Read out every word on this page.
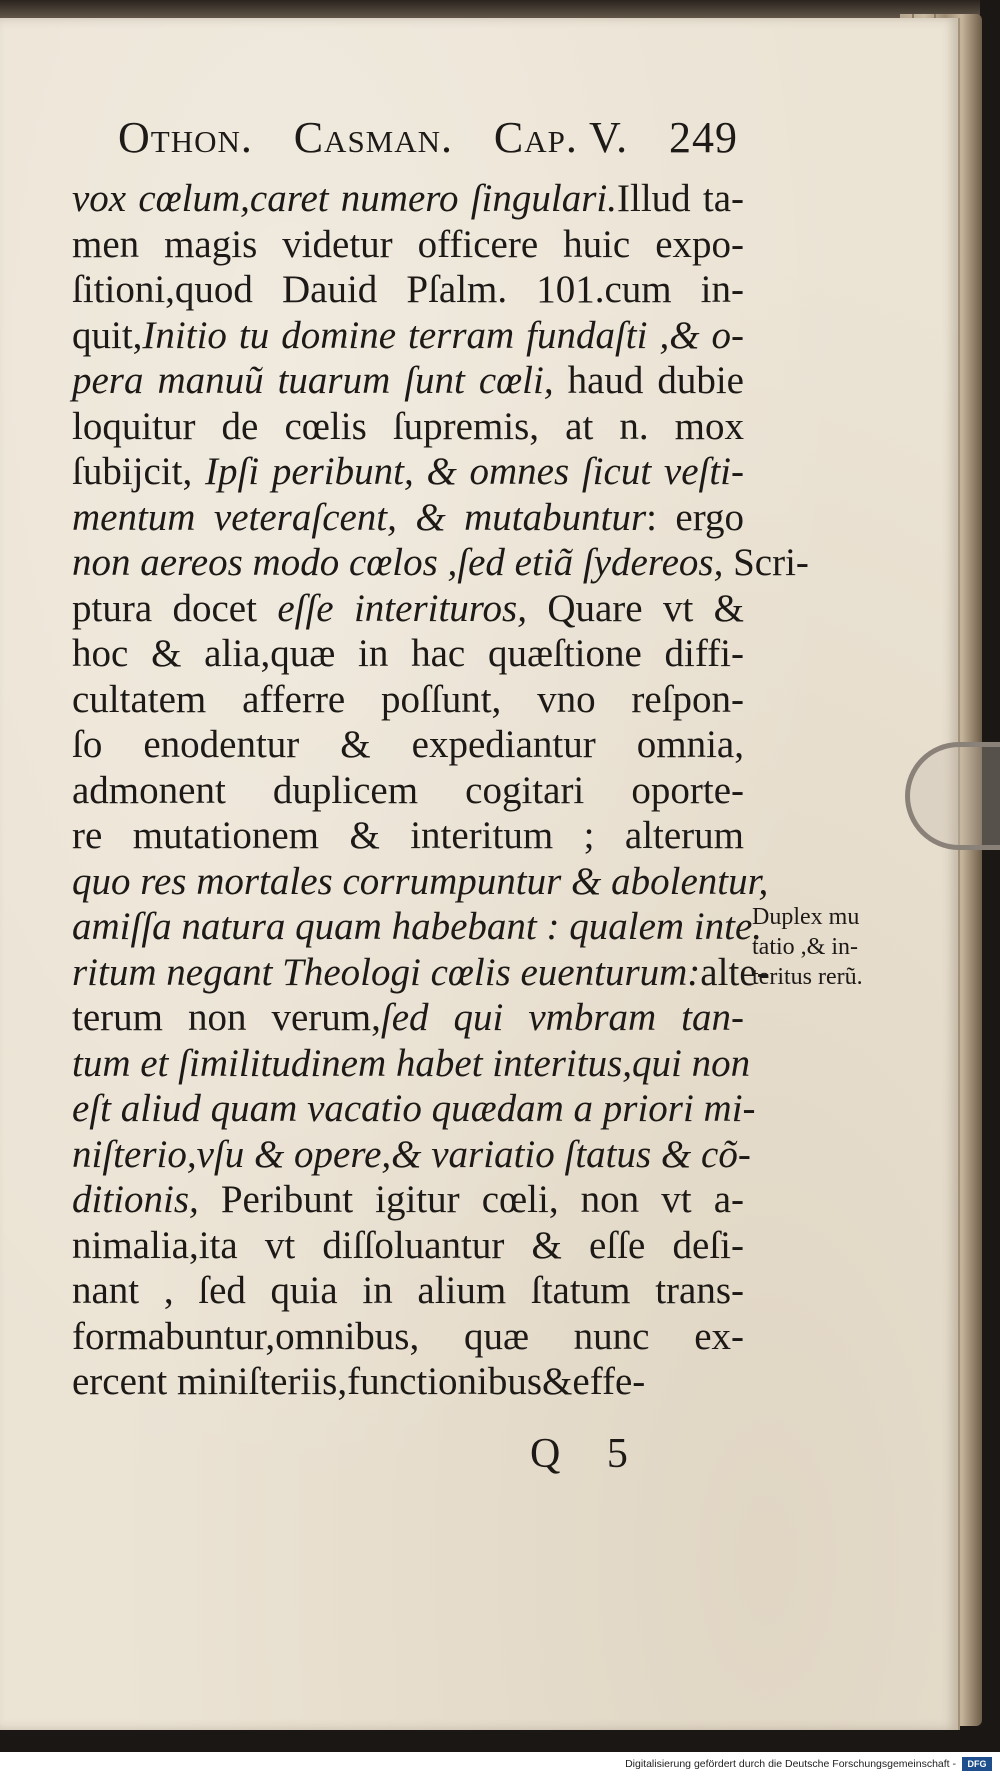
Othon. Casman. Cap. V. 249
vox cœlum,caret numero ſingulari.Illud ta-
men magis videtur officere huic expo-
ſitioni,quod Dauid Pſalm. 101.cum in-
quit,Initio tu domine terram fundaſti ,& o-
pera manuũ tuarum ſunt cœli, haud dubie
loquitur de cœlis ſupremis, at n. mox
ſubijcit, Ipſi peribunt, & omnes ſicut veſti-
mentum veteraſcent, & mutabuntur: ergo
non aereos modo cœlos ,ſed etiã ſydereos, Scri-
ptura docet eſſe interituros, Quare vt &
hoc & alia,quæ in hac quæſtione diffi-
cultatem afferre poſſunt, vno reſpon-
ſo enodentur & expediantur omnia,
admonent duplicem cogitari oporte-
re mutationem & interitum ; alterum
quo res mortales corrumpuntur & abolentur,
amiſſa natura quam habebant : qualem inte.
ritum negant Theologi cœlis euenturum:alte-
terum non verum,ſed qui vmbram tan-
tum et ſimilitudinem habet interitus,qui non
eſt aliud quam vacatio quædam a priori mi-
niſterio,vſu & opere,& variatio ſtatus & cõ-
ditionis, Peribunt igitur cœli, non vt a-
nimalia,ita vt diſſoluantur & eſſe deſi-
nant , ſed quia in alium ſtatum trans-
formabuntur,omnibus, quæ nunc ex-
ercent miniſteriis,functionibus&effe-
Duplex mu
tatio ,& in-
teritus rerũ.
Q 5
Digitalisierung gefördert durch die Deutsche Forschungsgemeinschaft -	DFG
